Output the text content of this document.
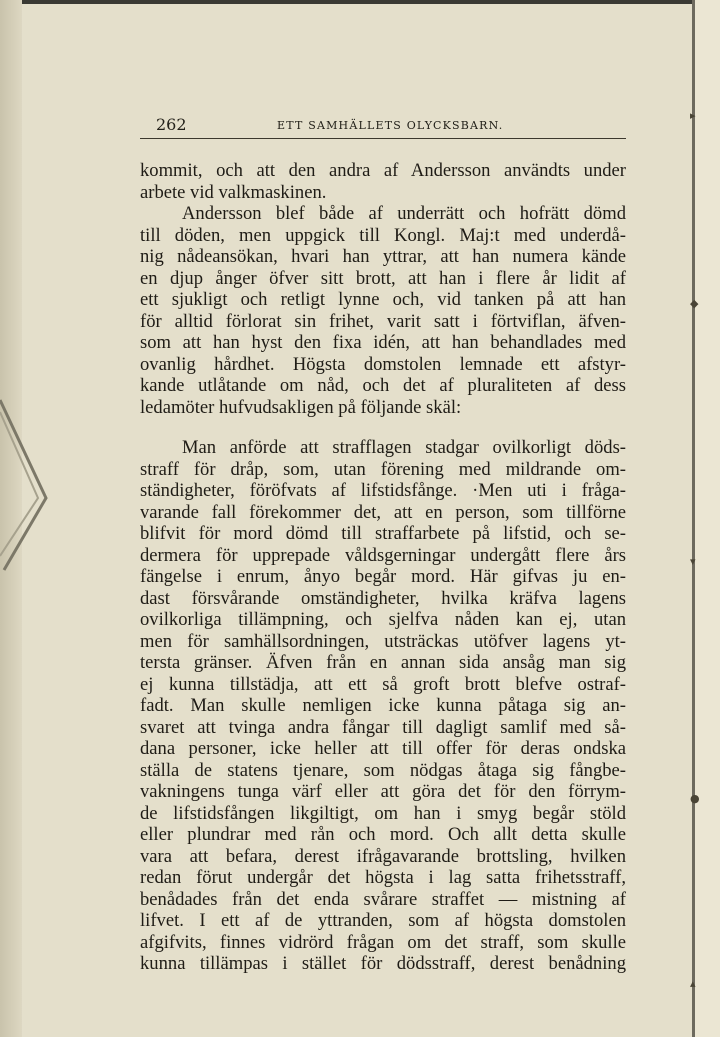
▸
◆
▾
●
▴
262	ETT SAMHÄLLETS OLYCKSBARN.
kommit, och att den andra af Andersson användts under
arbete vid valkmaskinen.
Andersson blef både af underrätt och hofrätt dömd
till döden, men uppgick till Kongl. Maj:t med underdå-
nig nådeansökan, hvari han yttrar, att han numera kände
en djup ånger öfver sitt brott, att han i flere år lidit af
ett sjukligt och retligt lynne och, vid tanken på att han
för alltid förlorat sin frihet, varit satt i förtviflan, äfven-
som att han hyst den fixa idén, att han behandlades med
ovanlig hårdhet. Högsta domstolen lemnade ett afstyr-
kande utlåtande om nåd, och det af pluraliteten af dess
ledamöter hufvudsakligen på följande skäl:
Man anförde att strafflagen stadgar ovilkorligt döds-
straff för dråp, som, utan förening med mildrande om-
ständigheter, föröfvats af lifstidsfånge. ·Men uti i fråga-
varande fall förekommer det, att en person, som tillförne
blifvit för mord dömd till straffarbete på lifstid, och se-
dermera för upprepade våldsgerningar undergått flere års
fängelse i enrum, ånyo begår mord. Här gifvas ju en-
dast försvårande omständigheter, hvilka kräfva lagens
ovilkorliga tillämpning, och sjelfva nåden kan ej, utan
men för samhällsordningen, utsträckas utöfver lagens yt-
tersta gränser. Äfven från en annan sida ansåg man sig
ej kunna tillstädja, att ett så groft brott blefve ostraf-
fadt. Man skulle nemligen icke kunna påtaga sig an-
svaret att tvinga andra fångar till dagligt samlif med så-
dana personer, icke heller att till offer för deras ondska
ställa de statens tjenare, som nödgas åtaga sig fångbe-
vakningens tunga värf eller att göra det för den förrym-
de lifstidsfången likgiltigt, om han i smyg begår stöld
eller plundrar med rån och mord. Och allt detta skulle
vara att befara, derest ifrågavarande brottsling, hvilken
redan förut undergår det högsta i lag satta frihetsstraff,
benådades från det enda svårare straffet — mistning af
lifvet. I ett af de yttranden, som af högsta domstolen
afgifvits, finnes vidrörd frågan om det straff, som skulle
kunna tillämpas i stället för dödsstraff, derest benådning
